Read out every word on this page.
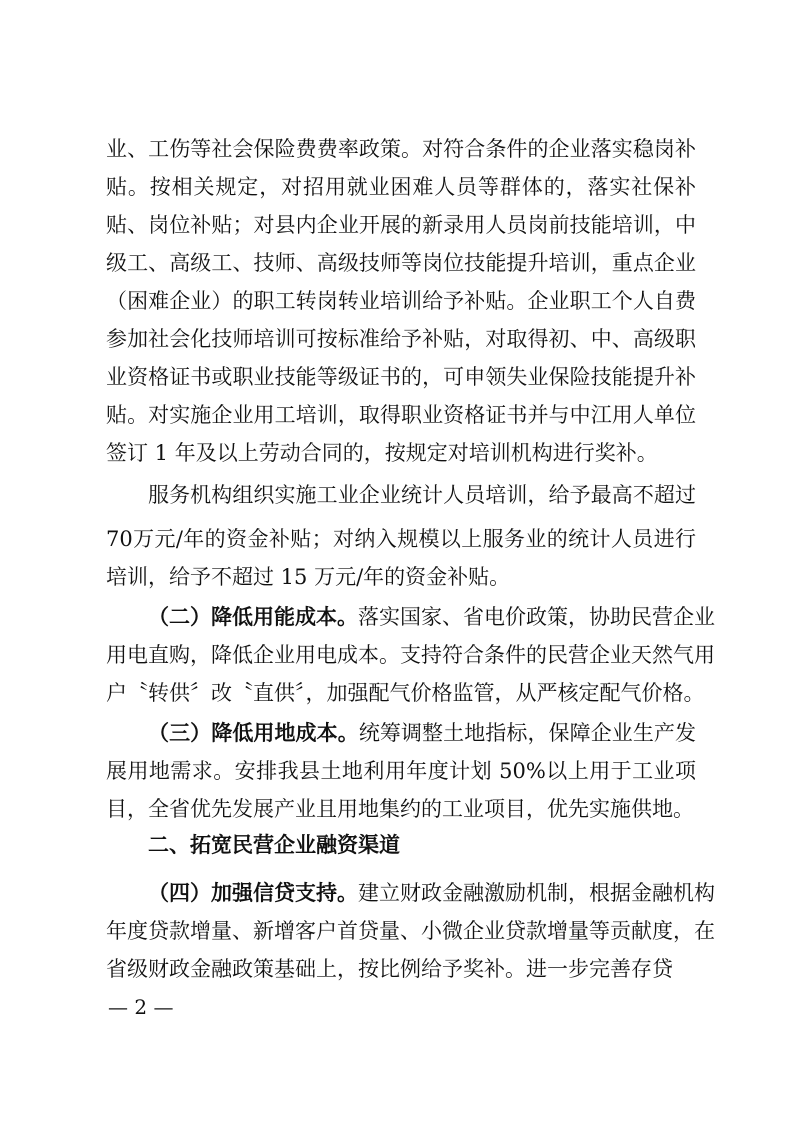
业、工伤等社会保险费费率政策。对符合条件的企业落实稳岗补
贴。按相关规定，对招用就业困难人员等群体的，落实社保补
贴、岗位补贴；对县内企业开展的新录用人员岗前技能培训，中
级工、高级工、技师、高级技师等岗位技能提升培训，重点企业
（困难企业）的职工转岗转业培训给予补贴。企业职工个人自费
参加社会化技师培训可按标准给予补贴，对取得初、中、高级职
业资格证书或职业技能等级证书的，可申领失业保险技能提升补
贴。对实施企业用工培训，取得职业资格证书并与中江用人单位
签订 1 年及以上劳动合同的，按规定对培训机构进行奖补。
服务机构组织实施工业企业统计人员培训，给予最高不超过
70万元/年的资金补贴；对纳入规模以上服务业的统计人员进行
培训，给予不超过 15 万元/年的资金补贴。
（二）降低用能成本。落实国家、省电价政策，协助民营企业
用电直购，降低企业用电成本。支持符合条件的民营企业天然气用
户〝转供〞改〝直供〞，加强配气价格监管，从严核定配气价格。
（三）降低用地成本。统筹调整土地指标，保障企业生产发
展用地需求。安排我县土地利用年度计划 50%以上用于工业项
目，全省优先发展产业且用地集约的工业项目，优先实施供地。
二、拓宽民营企业融资渠道
（四）加强信贷支持。建立财政金融激励机制，根据金融机构
年度贷款增量、新增客户首贷量、小微企业贷款增量等贡献度，在
省级财政金融政策基础上，按比例给予奖补。进一步完善存贷
— 2 —
